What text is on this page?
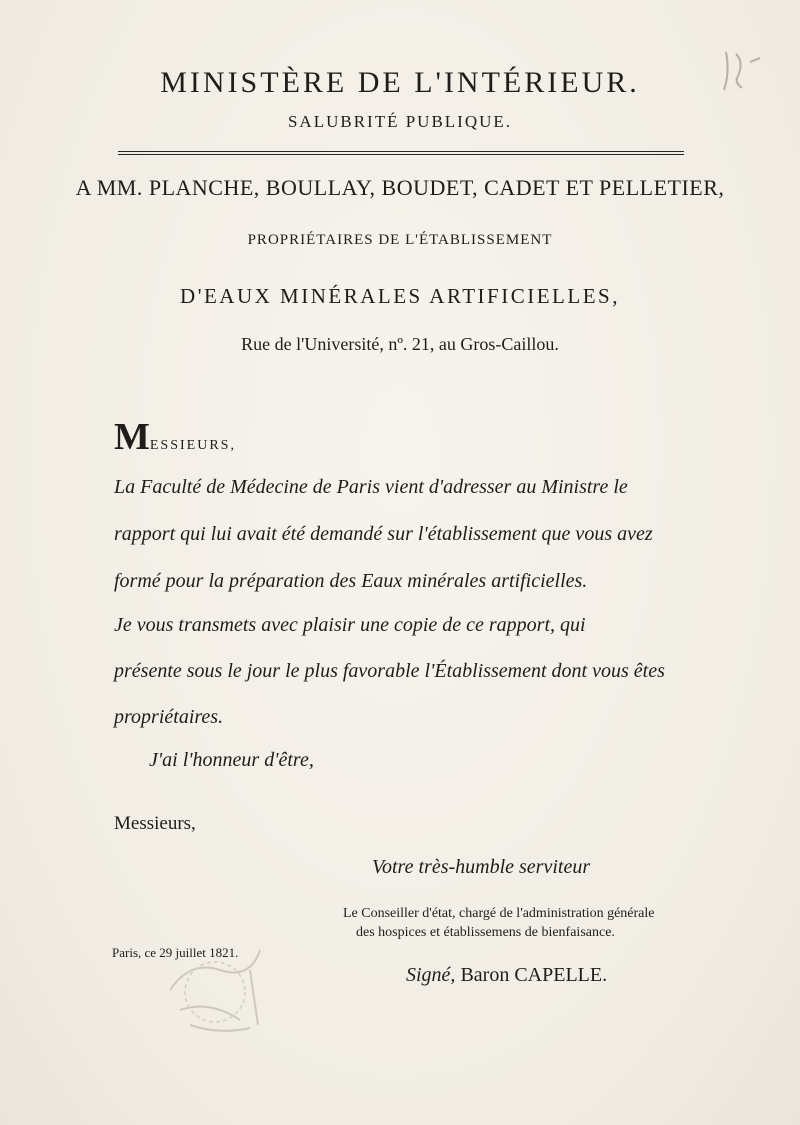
MINISTÈRE DE L'INTÉRIEUR.
SALUBRITÉ PUBLIQUE.
A MM. PLANCHE, BOULLAY, BOUDET, CADET ET PELLETIER,
PROPRIÉTAIRES DE L'ÉTABLISSEMENT
D'EAUX MINÉRALES ARTIFICIELLES,
Rue de l'Université, nº. 21, au Gros-Caillou.
MESSIEURS,
La Faculté de Médecine de Paris vient d'adresser au Ministre le
rapport qui lui avait été demandé sur l'établissement que vous avez
formé pour la préparation des Eaux minérales artificielles.
Je vous transmets avec plaisir une copie de ce rapport, qui
présente sous le jour le plus favorable l'Établissement dont vous êtes
propriétaires.
J'ai l'honneur d'être,
Messieurs,
Votre très-humble serviteur
Le Conseiller d'état, chargé de l'administration générale
des hospices et établissemens de bienfaisance.
Paris, ce 29 juillet 1821.
Signé, Baron CAPELLE.
